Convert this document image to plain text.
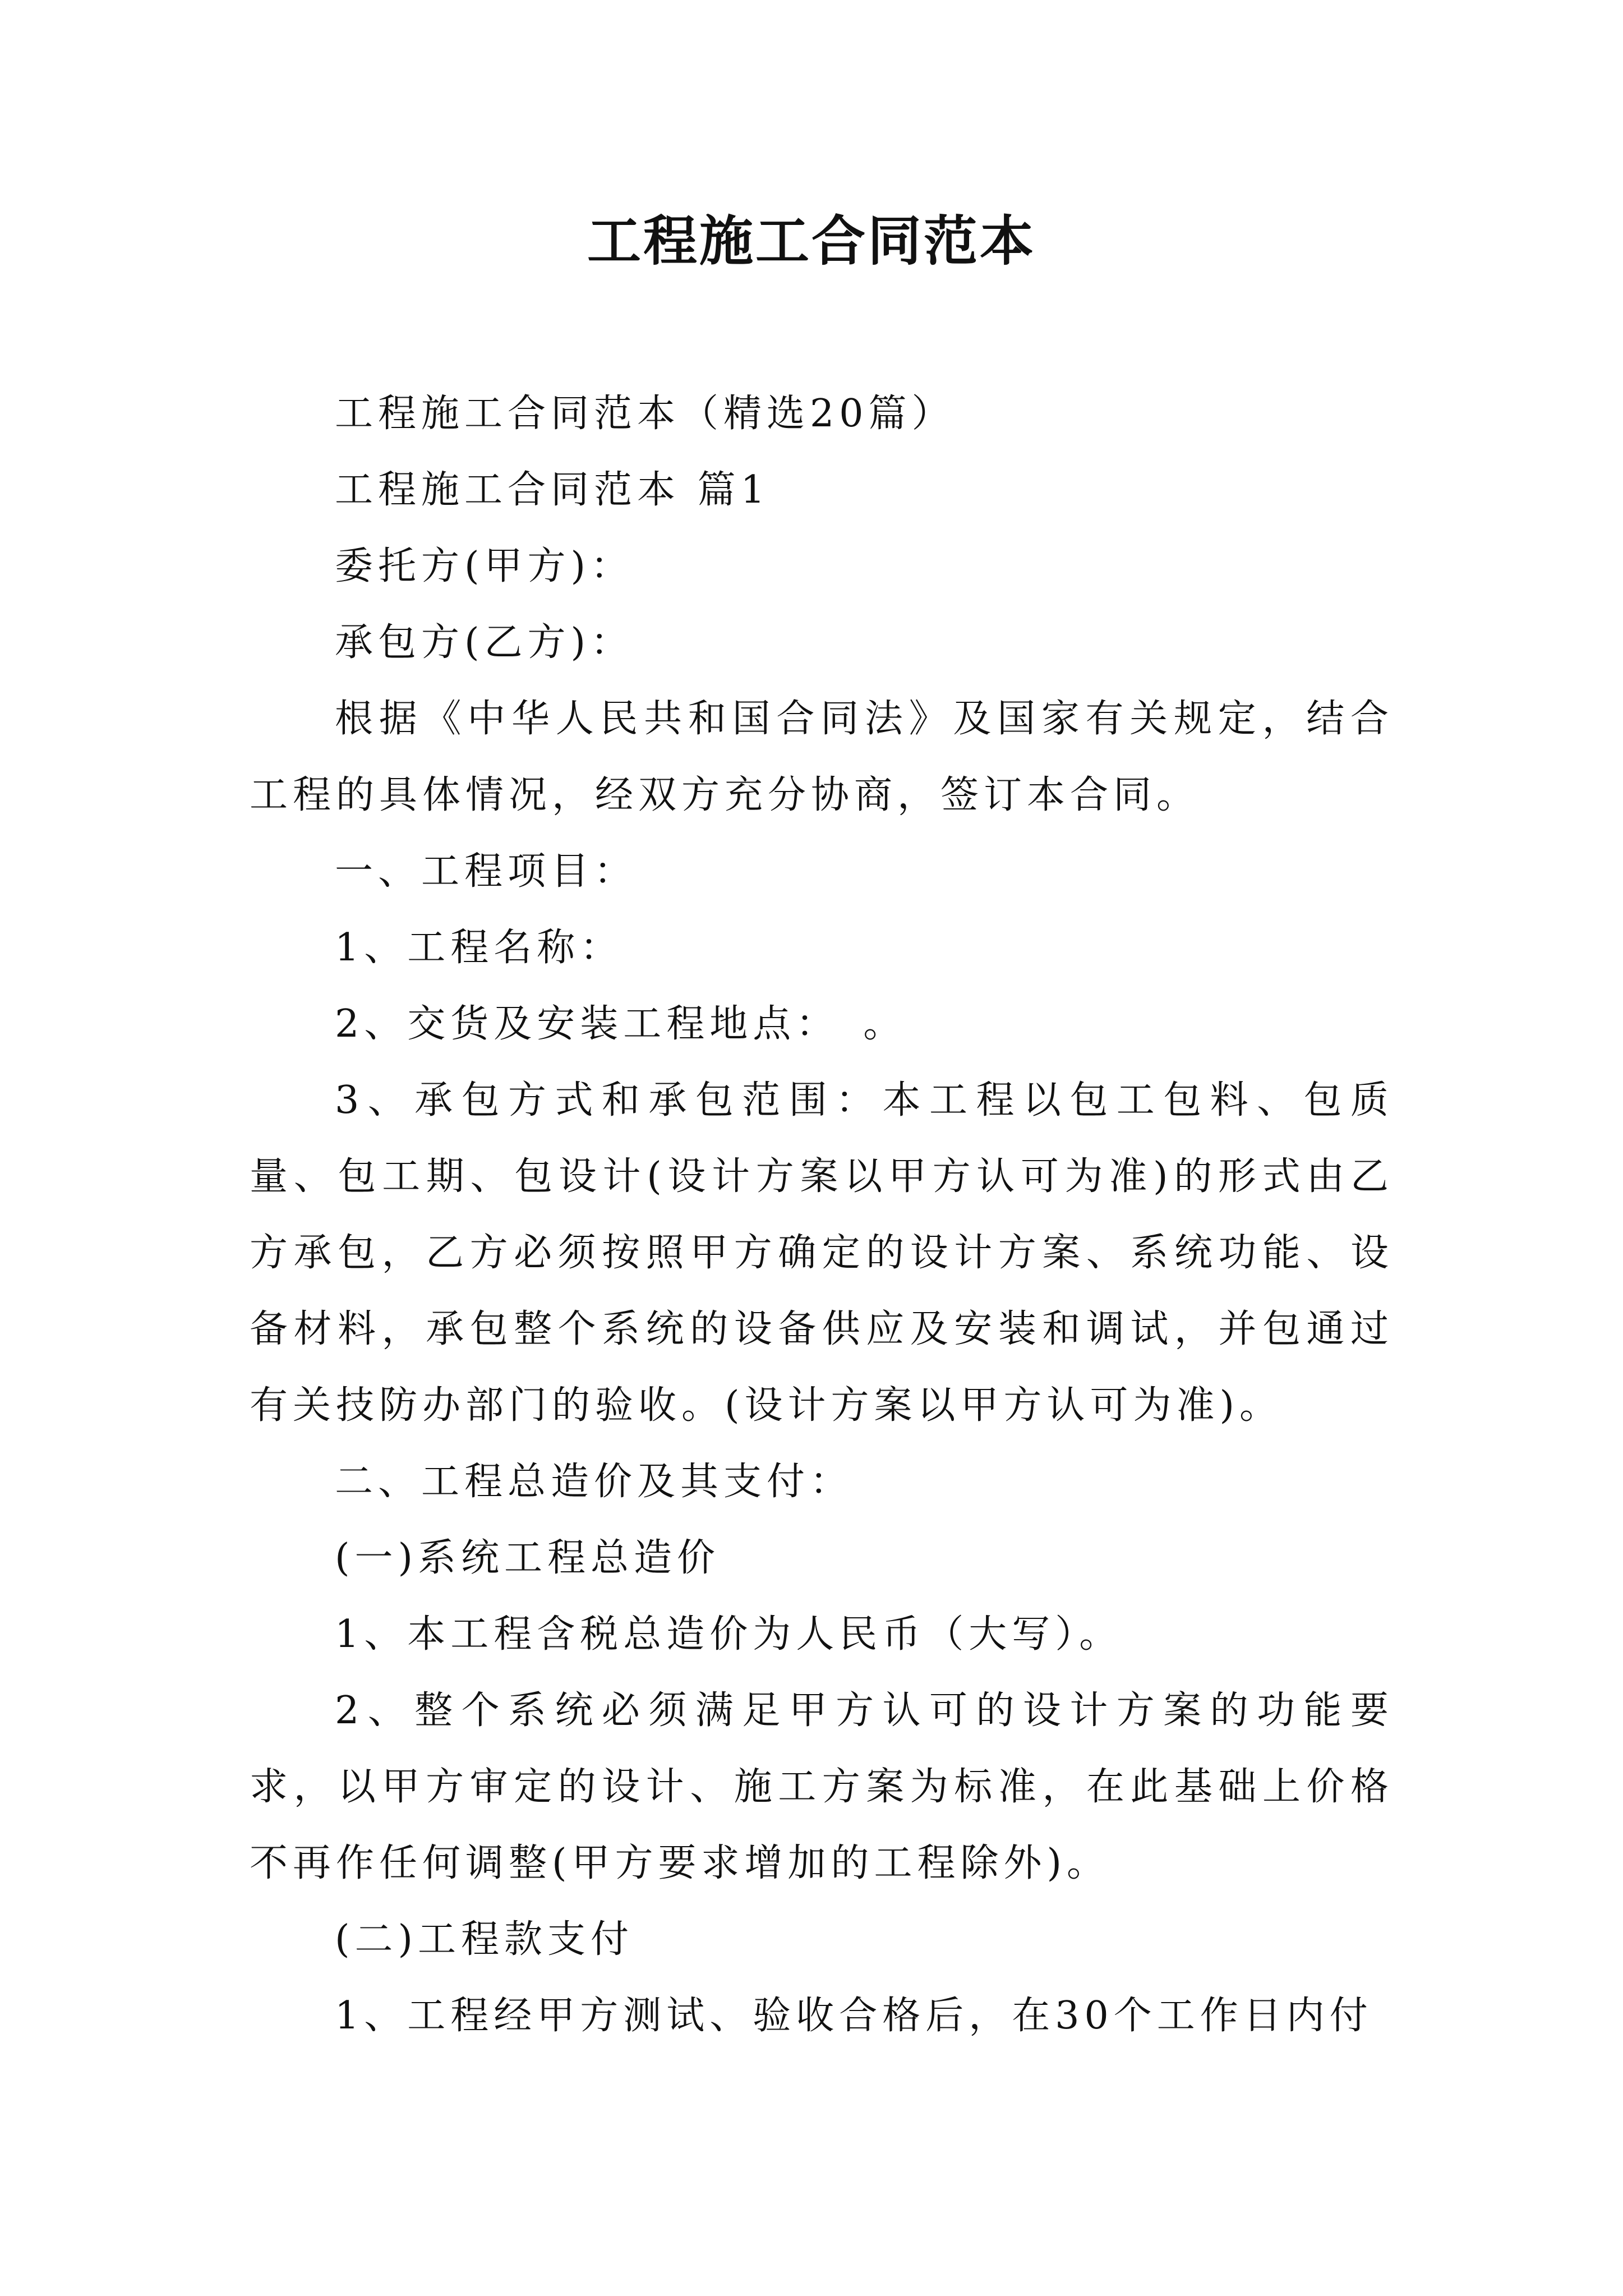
工程施工合同范本

工程施工合同范本（精选20篇）

工程施工合同范本 篇1

委托方(甲方)：

承包方(乙方)：

根据《中华人民共和国合同法》及国家有关规定，结合工程的具体情况，经双方充分协商，签订本合同。

一、工程项目：

1、工程名称：

2、交货及安装工程地点：　。

3、承包方式和承包范围：本工程以包工包料、包质量、包工期、包设计(设计方案以甲方认可为准)的形式由乙方承包，乙方必须按照甲方确定的设计方案、系统功能、设备材料，承包整个系统的设备供应及安装和调试，并包通过有关技防办部门的验收。(设计方案以甲方认可为准)。

二、工程总造价及其支付：

(一)系统工程总造价

1、本工程含税总造价为人民币（大写）。

2、整个系统必须满足甲方认可的设计方案的功能要求，以甲方审定的设计、施工方案为标准，在此基础上价格不再作任何调整(甲方要求增加的工程除外)。

(二)工程款支付

1、工程经甲方测试、验收合格后，在30个工作日内付
